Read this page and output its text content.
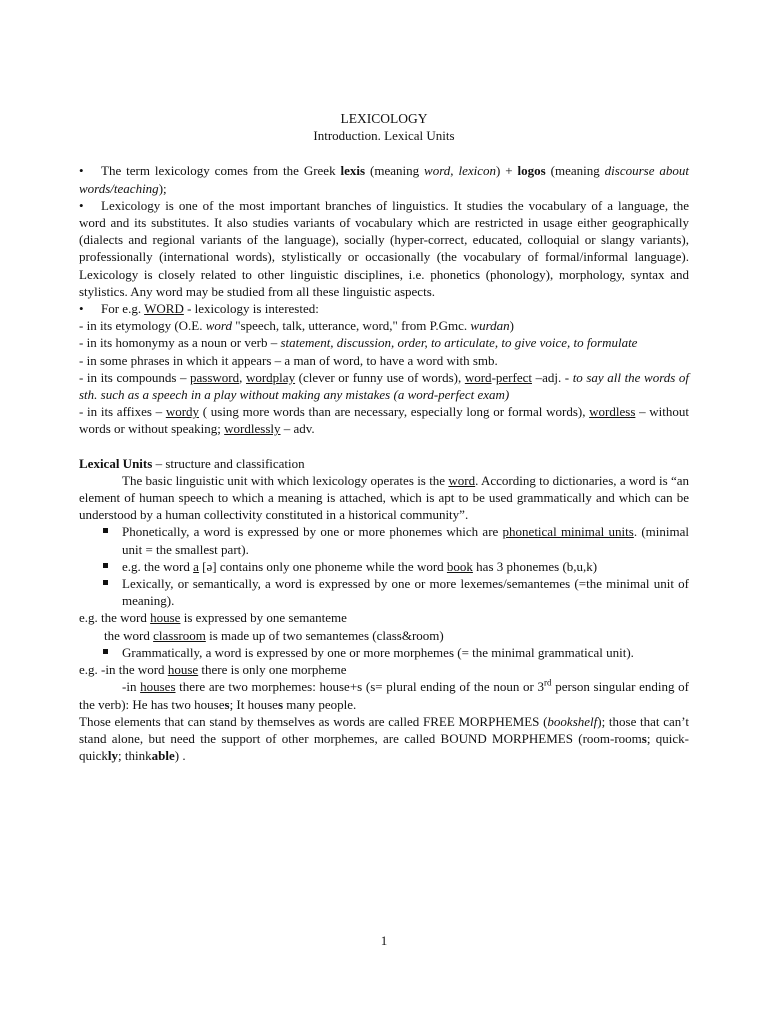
LEXICOLOGY
Introduction. Lexical Units
• The term lexicology comes from the Greek lexis (meaning word, lexicon) + logos (meaning discourse about words/teaching);
• Lexicology is one of the most important branches of linguistics. It studies the vocabulary of a language, the word and its substitutes. It also studies variants of vocabulary which are restricted in usage either geographically (dialects and regional variants of the language), socially (hyper-correct, educated, colloquial or slangy variants), professionally (international words), stylistically or occasionally (the vocabulary of formal/informal language). Lexicology is closely related to other linguistic disciplines, i.e. phonetics (phonology), morphology, syntax and stylistics. Any word may be studied from all these linguistic aspects.
• For e.g. WORD - lexicology is interested:
- in its etymology (O.E. word "speech, talk, utterance, word," from P.Gmc. wurdan)
- in its homonymy as a noun or verb – statement, discussion, order, to articulate, to give voice, to formulate
- in some phrases in which it appears – a man of word, to have a word with smb.
- in its compounds – password, wordplay (clever or funny use of words), word-perfect –adj. - to say all the words of sth. such as a speech in a play without making any mistakes (a word-perfect exam)
- in its affixes – wordy ( using more words than are necessary, especially long or formal words), wordless – without words or without speaking; wordlessly – adv.
Lexical Units – structure and classification
The basic linguistic unit with which lexicology operates is the word. According to dictionaries, a word is “an element of human speech to which a meaning is attached, which is apt to be used grammatically and which can be understood by a human collectivity constituted in a historical community”.
Phonetically, a word is expressed by one or more phonemes which are phonetical minimal units. (minimal unit = the smallest part).
e.g. the word a [ə] contains only one phoneme while the word book has 3 phonemes (b,u,k)
Lexically, or semantically, a word is expressed by one or more lexemes/semantemes (=the minimal unit of meaning).
e.g. the word house is expressed by one semanteme
the word classroom is made up of two semantemes (class&room)
Grammatically, a word is expressed by one or more morphemes (= the minimal grammatical unit).
e.g. -in the word house there is only one morpheme
-in houses there are two morphemes: house+s (s= plural ending of the noun or 3rd person singular ending of the verb): He has two houses; It houses many people.
Those elements that can stand by themselves as words are called FREE MORPHEMES (bookshelf); those that can’t stand alone, but need the support of other morphemes, are called BOUND MORPHEMES (room-rooms; quick-quickly; thinkable) .
1
